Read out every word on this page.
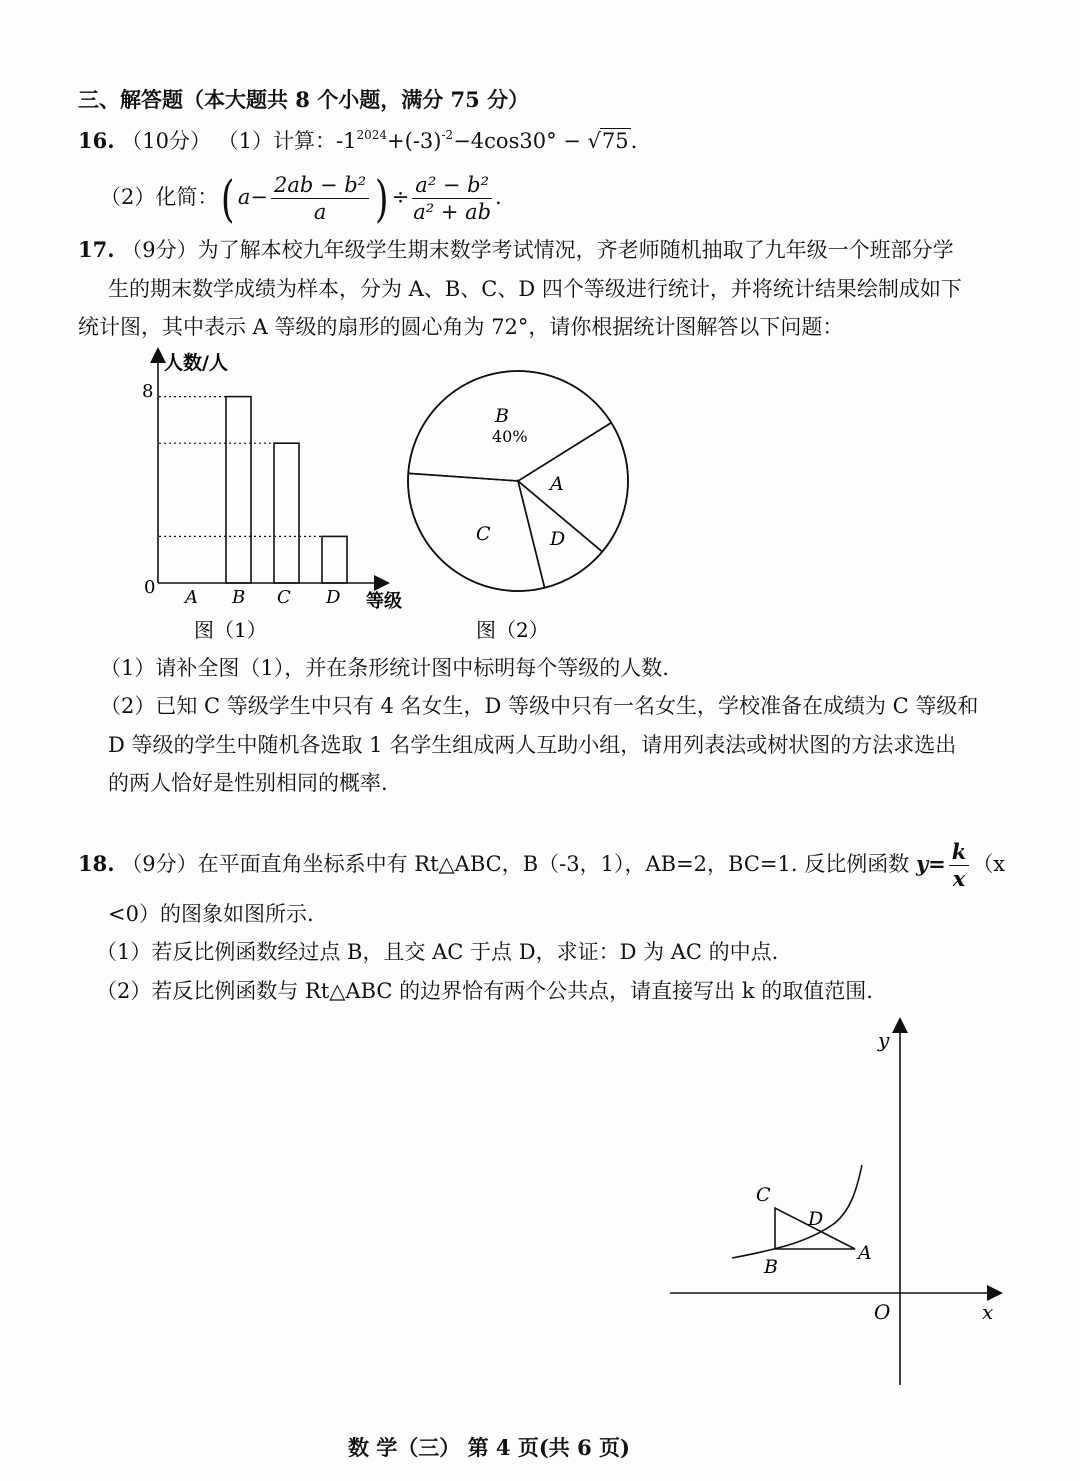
三、解答题（本大题共 8 个小题，满分 75 分）
16. （10分） （1）计算：$-1^{2024}+(-3)^{-2}-4\cos 30^\circ - √75$.
（2）化简：( $a- \frac{\text{2ab − b²}}{a}$ ) ÷ $\frac{\text{a² − b²}}{\text{a² + ab}}$ .
17. （9分）为了解本校九年级学生期末数学考试情况，齐老师随机抽取了九年级一个班部分学
生的期末数学成绩为样本，分为 A、B、C、D 四个等级进行统计，并将统计结果绘制成如下
统计图，其中表示 A 等级的扇形的圆心角为 72°，请你根据统计图解答以下问题：
人数/人
等级
0
8
A B C D
图（1）
B
40%
A
D
C
图（2）
（1）请补全图（1），并在条形统计图中标明每个等级的人数.
（2）已知 C 等级学生中只有 4 名女生，D 等级中只有一名女生，学校准备在成绩为 C 等级和
D 等级的学生中随机各选取 1 名学生组成两人互助小组，请用列表法或树状图的方法求选出
的两人恰好是性别相同的概率.
18. （9分）在平面直角坐标系中有 Rt△ABC，B（-3，1），AB=2，BC=1. 反比例函数 $y= \frac{k}{x} (x$
<0）的图象如图所示.
（1）若反比例函数经过点 B，且交 AC 于点 D，求证：D 为 AC 的中点.
（2）若反比例函数与 Rt△ABC 的边界恰有两个公共点，请直接写出 k 的取值范围.
y
x
O
C
D
A
B
数 学（三） 第 4 页(共 6 页)
